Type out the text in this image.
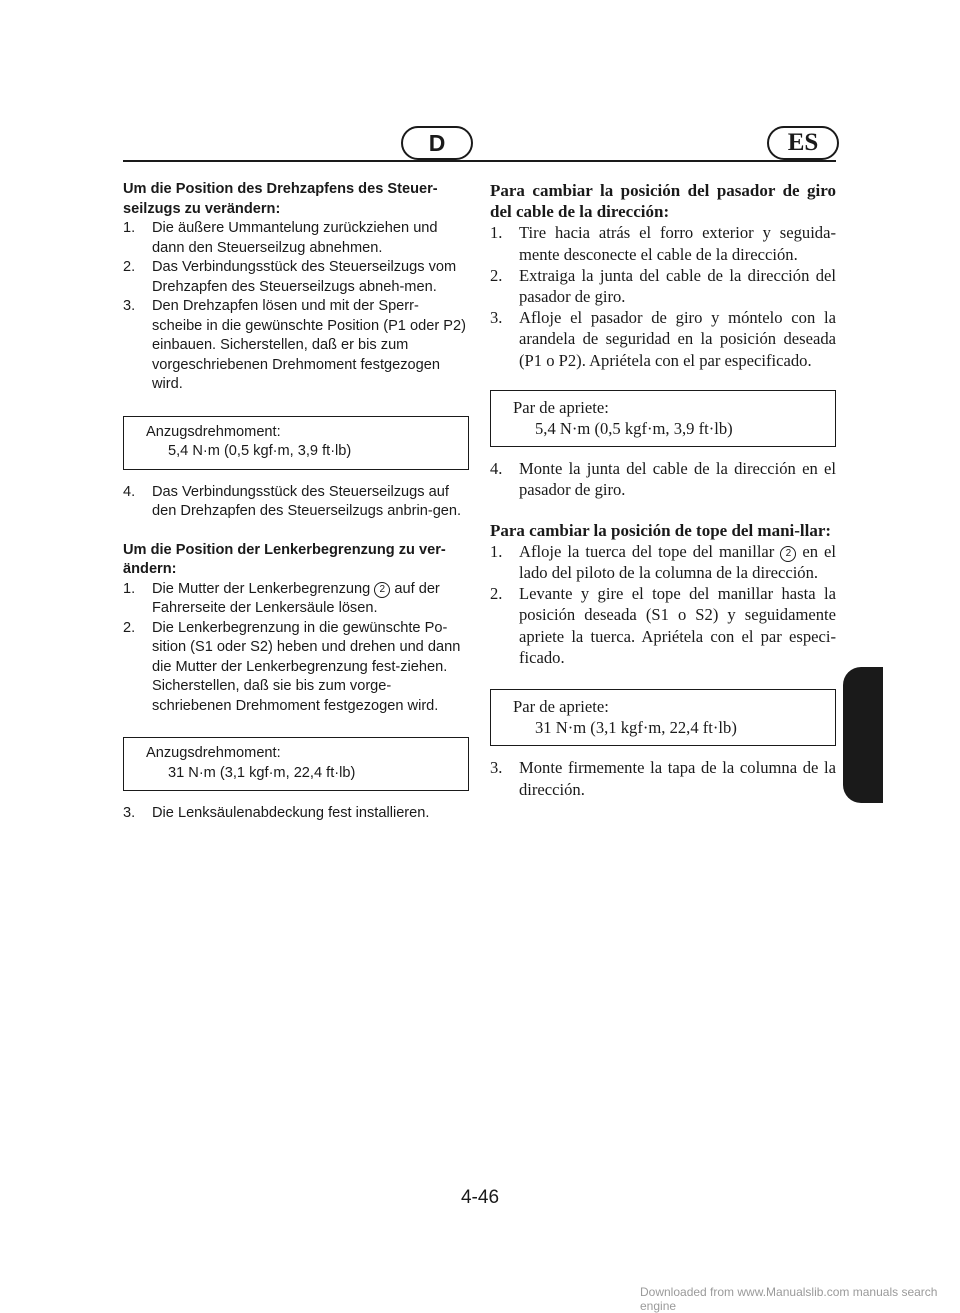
D	ES

Um die Position des Drehzapfens des Steuer-seilzugs zu verändern:

1. Die äußere Ummantelung zurückziehen und dann den Steuerseilzug abnehmen.
2. Das Verbindungsstück des Steuerseilzugs vom Drehzapfen des Steuerseilzugs abneh-men.
3. Den Drehzapfen lösen und mit der Sperr-scheibe in die gewünschte Position (P1 oder P2) einbauen. Sicherstellen, daß er bis zum vorgeschriebenen Drehmoment festgezogen wird.
Anzugsdrehmoment:
5,4 N·m (0,5 kgf·m, 3,9 ft·lb)
4. Das Verbindungsstück des Steuerseilzugs auf den Drehzapfen des Steuerseilzugs anbrin-gen.

Um die Position der Lenkerbegrenzung zu ver-ändern:

1. Die Mutter der Lenkerbegrenzung 2 auf der Fahrerseite der Lenkersäule lösen.
2. Die Lenkerbegrenzung in die gewünschte Po-sition (S1 oder S2) heben und drehen und dann die Mutter der Lenkerbegrenzung fest-ziehen. Sicherstellen, daß sie bis zum vorge-schriebenen Drehmoment festgezogen wird.
Anzugsdrehmoment:
31 N·m (3,1 kgf·m, 22,4 ft·lb)
3. Die Lenksäulenabdeckung fest installieren.

Para cambiar la posición del pasador de giro del cable de la dirección:

1. Tire hacia atrás el forro exterior y seguida-mente desconecte el cable de la dirección.
2. Extraiga la junta del cable de la dirección del pasador de giro.
3. Afloje el pasador de giro y móntelo con la arandela de seguridad en la posición deseada (P1 o P2). Apriételа con el par especificado.
Par de apriete:
5,4 N·m (0,5 kgf·m, 3,9 ft·lb)
4. Monte la junta del cable de la dirección en el pasador de giro.

Para cambiar la posición de tope del mani-llar:

1. Afloje la tuerca del tope del manillar 2 en el lado del piloto de la columna de la dirección.
2. Levante y gire el tope del manillar hasta la posición deseada (S1 o S2) y seguidamente apriete la tuerca. Apriételа con el par especi-ficado.
Par de apriete:
31 N·m (3,1 kgf·m, 22,4 ft·lb)
3. Monte firmemente la tapa de la columna de la dirección.
4-46
Downloaded from www.Manualslib.com manuals search engine
